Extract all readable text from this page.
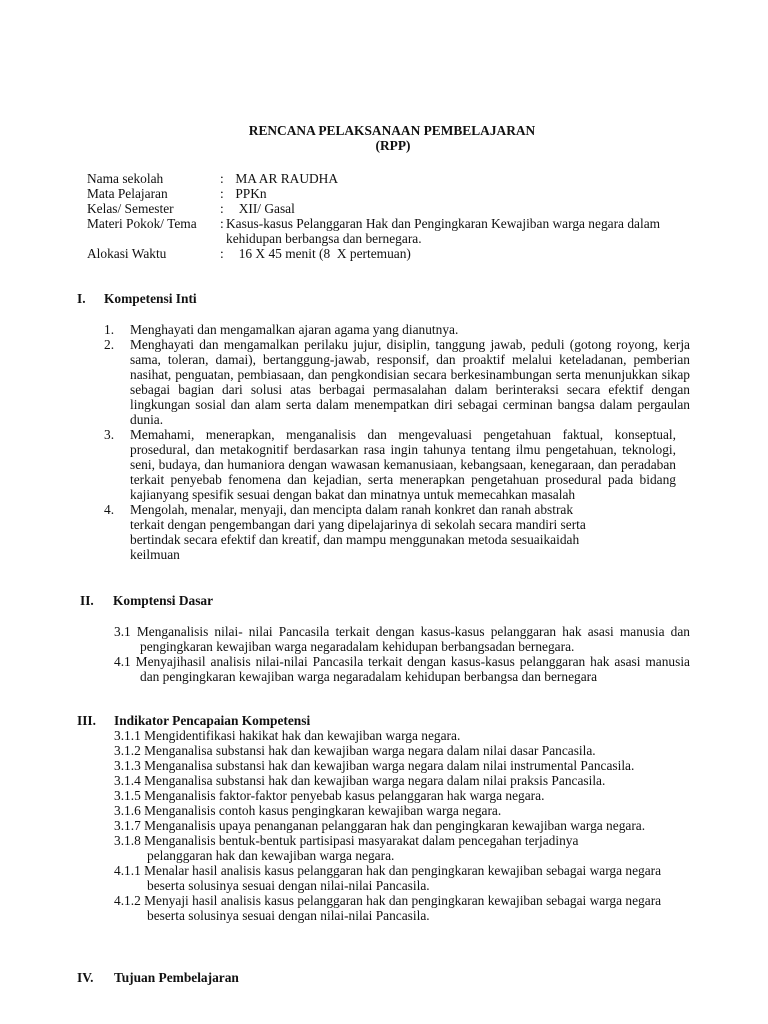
RENCANA PELAKSANAAN PEMBELAJARAN
(RPP)
Nama sekolah	: MA AR RAUDHA
Mata Pelajaran	: PPKn
Kelas/ Semester	: XII/ Gasal
Materi Pokok/ Tema	: Kasus-kasus Pelanggaran Hak dan Pengingkaran Kewajiban warga negara dalam kehidupan berbangsa dan bernegara.
Alokasi Waktu	: 16 X 45 menit (8  X pertemuan)
I. Kompetensi Inti
1.	Menghayati dan mengamalkan ajaran agama yang dianutnya.
2.	Menghayati dan mengamalkan perilaku jujur, disiplin, tanggung jawab, peduli (gotong royong, kerja sama, toleran, damai), bertanggung-jawab, responsif, dan proaktif melalui keteladanan, pemberian nasihat, penguatan, pembiasaan, dan pengkondisian secara berkesinambungan serta menunjukkan sikap sebagai bagian dari solusi atas berbagai permasalahan dalam berinteraksi secara efektif dengan lingkungan sosial dan alam serta dalam menempatkan diri sebagai cerminan bangsa dalam pergaulan dunia.
3.	Memahami, menerapkan, menganalisis dan mengevaluasi pengetahuan faktual, konseptual, prosedural, dan metakognitif berdasarkan rasa ingin tahunya tentang ilmu pengetahuan, teknologi, seni, budaya, dan humaniora dengan wawasan kemanusiaan, kebangsaan, kenegaraan, dan peradaban terkait penyebab fenomena dan kejadian, serta menerapkan pengetahuan prosedural pada bidang kajianyang spesifik sesuai dengan bakat dan minatnya untuk memecahkan masalah
4.	Mengolah, menalar, menyaji, dan mencipta dalam ranah konkret dan ranah abstrak
terkait dengan pengembangan dari yang dipelajarinya di sekolah secara mandiri serta
bertindak secara efektif dan kreatif, dan mampu menggunakan metoda sesuaikaidah
keilmuan
II. Komptensi Dasar
3.1 Menganalisis nilai- nilai Pancasila terkait dengan kasus-kasus pelanggaran hak asasi manusia dan pengingkaran kewajiban warga negaradalam kehidupan berbangsadan bernegara.
4.1 Menyajihasil analisis nilai-nilai Pancasila terkait dengan kasus-kasus pelanggaran hak asasi manusia dan pengingkaran kewajiban warga negaradalam kehidupan berbangsa dan bernegara
III. Indikator Pencapaian Kompetensi
3.1.1 Mengidentifikasi hakikat hak dan kewajiban warga negara.
3.1.2 Menganalisa substansi hak dan kewajiban warga negara dalam nilai dasar Pancasila.
3.1.3 Menganalisa substansi hak dan kewajiban warga negara dalam nilai instrumental Pancasila.
3.1.4 Menganalisa substansi hak dan kewajiban warga negara dalam nilai praksis Pancasila.
3.1.5 Menganalisis faktor-faktor penyebab kasus pelanggaran hak warga negara.
3.1.6 Menganalisis contoh kasus pengingkaran kewajiban warga negara.
3.1.7 Menganalisis upaya penanganan pelanggaran hak dan pengingkaran kewajiban warga negara.
3.1.8 Menganalisis bentuk-bentuk partisipasi masyarakat dalam pencegahan terjadinya pelanggaran hak dan kewajiban warga negara.
4.1.1 Menalar hasil analisis kasus pelanggaran hak dan pengingkaran kewajiban sebagai warga negara beserta solusinya sesuai dengan nilai-nilai Pancasila.
4.1.2 Menyaji hasil analisis kasus pelanggaran hak dan pengingkaran kewajiban sebagai warga negara beserta solusinya sesuai dengan nilai-nilai Pancasila.
IV. Tujuan Pembelajaran
